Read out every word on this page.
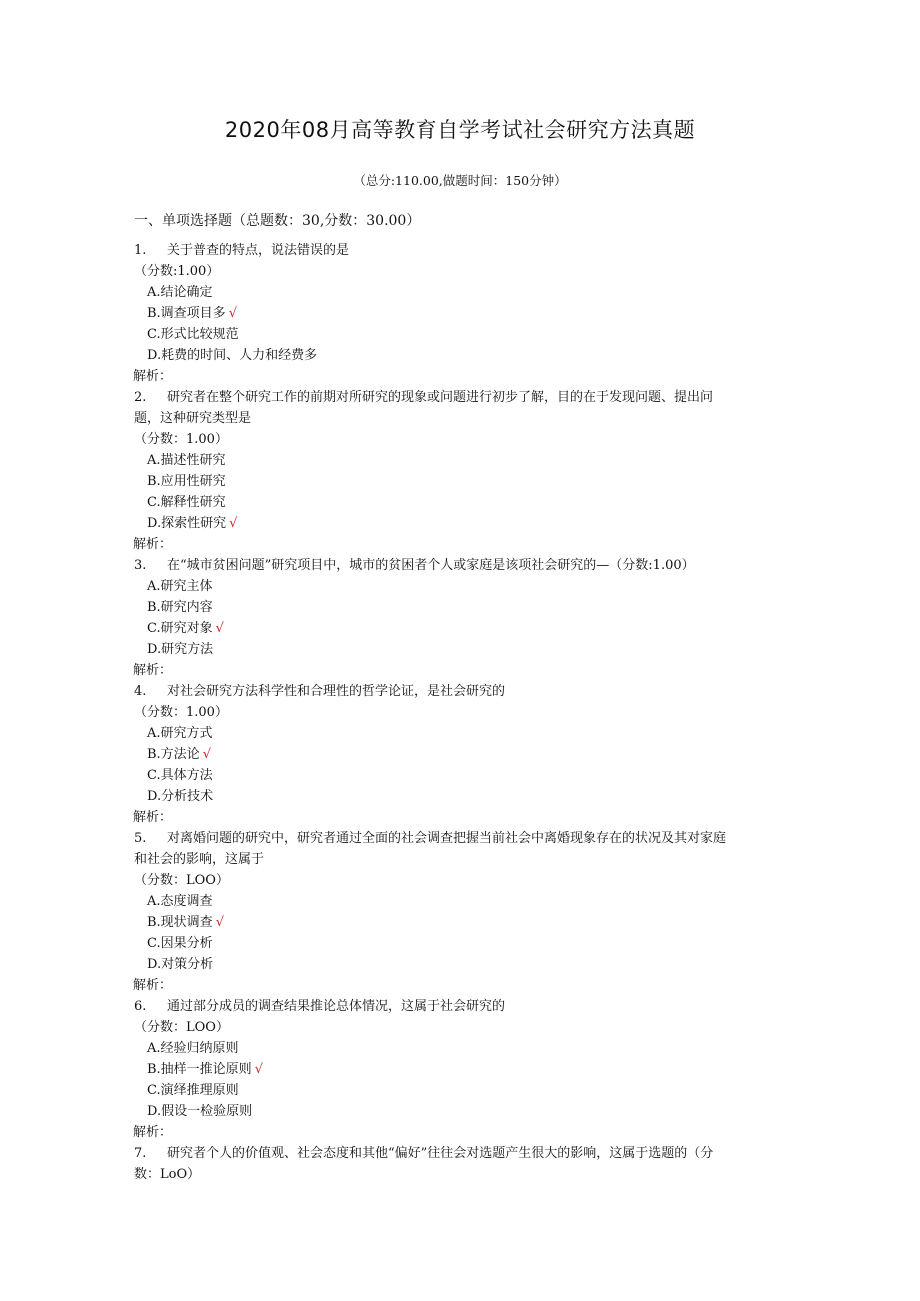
2020年08月高等教育自学考试社会研究方法真题
（总分:110.00,做题时间：150分钟）
一、单项选择题（总题数：30,分数：30.00）
1. 关于普查的特点，说法错误的是
（分数:1.00）
A.结论确定
B.调查项目多 √
C.形式比较规范
D.耗费的时间、人力和经费多
解析：
2. 研究者在整个研究工作的前期对所研究的现象或问题进行初步了解，目的在于发现问题、提出问
题，这种研究类型是
（分数：1.00）
A.描述性研究
B.应用性研究
C.解释性研究
D.探索性研究 √
解析：
3. 在“城市贫困问题”研究项目中，城市的贫困者个人或家庭是该项社会研究的—（分数:1.00）
A.研究主体
B.研究内容
C.研究对象 √
D.研究方法
解析：
4. 对社会研究方法科学性和合理性的哲学论证，是社会研究的
（分数：1.00）
A.研究方式
B.方法论 √
C.具体方法
D.分析技术
解析：
5. 对离婚问题的研究中，研究者通过全面的社会调查把握当前社会中离婚现象存在的状况及其对家庭
和社会的影响，这属于
（分数：LOO）
A.态度调查
B.现状调查 √
C.因果分析
D.对策分析
解析：
6. 通过部分成员的调查结果推论总体情况，这属于社会研究的
（分数：LOO）
A.经验归纳原则
B.抽样一推论原则 √
C.演绎推理原则
D.假设一检验原则
解析：
7. 研究者个人的价值观、社会态度和其他“偏好”往往会对选题产生很大的影响，这属于选题的（分
数：LoO）
